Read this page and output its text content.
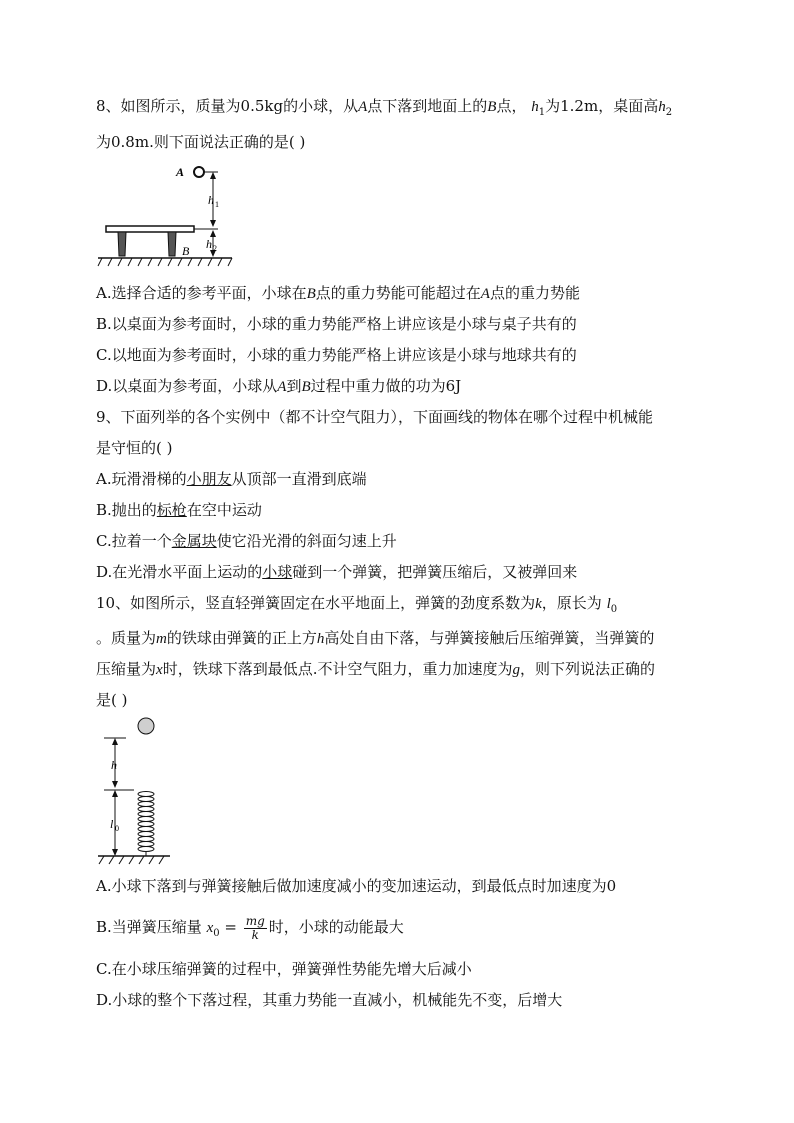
8、如图所示，质量为0.5kg的小球，从A点下落到地面上的B点， $h_1$为1.2m，桌面高$h_2$
为0.8m.则下面说法正确的是( )
A
h 1
h 2
B
A.选择合适的参考平面，小球在B点的重力势能可能超过在A点的重力势能
B.以桌面为参考面时，小球的重力势能严格上讲应该是小球与桌子共有的
C.以地面为参考面时，小球的重力势能严格上讲应该是小球与地球共有的
D.以桌面为参考面，小球从A到B过程中重力做的功为6J
9、下面列举的各个实例中（都不计空气阻力），下面画线的物体在哪个过程中机械能
是守恒的( )
A.玩滑滑梯的小朋友从顶部一直滑到底端
B.抛出的标枪在空中运动
C.拉着一个金属块使它沿光滑的斜面匀速上升
D.在光滑水平面上运动的小球碰到一个弹簧，把弹簧压缩后，又被弹回来
10、如图所示，竖直轻弹簧固定在水平地面上，弹簧的劲度系数为k，原长为 $l_0$
。质量为m的铁球由弹簧的正上方h高处自由下落，与弹簧接触后压缩弹簧，当弹簧的
压缩量为x时，铁球下落到最低点.不计空气阻力，重力加速度为g，则下列说法正确的
是( )
h
l 0
A.小球下落到与弹簧接触后做加速度减小的变加速运动，到最低点时加速度为0
B.当弹簧压缩量 $x_0 = \frac{mg}{k}$ 时，小球的动能最大
C.在小球压缩弹簧的过程中，弹簧弹性势能先增大后减小
D.小球的整个下落过程，其重力势能一直减小，机械能先不变，后增大
